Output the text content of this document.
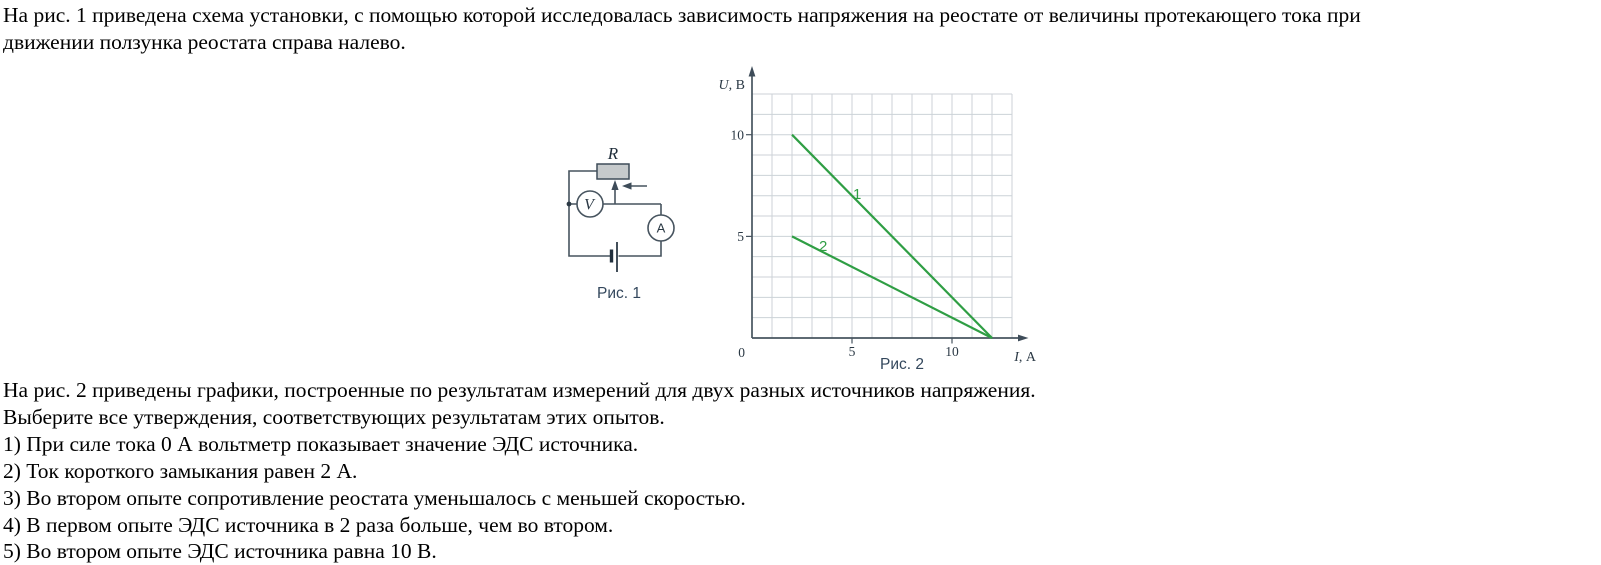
На рис. 1 приведена схема установки, с помощью которой исследовалась зависимость напряжения на реостате от величины протекающего тока при
движении ползунка реостата справа налево.
R
V
A
Рис. 1
0	5	10
5
10
U, В
I, А
1
2
Рис. 2
На рис. 2 приведены графики, построенные по результатам измерений для двух разных источников напряжения.
Выберите все утверждения, соответствующих результатам этих опытов.
1) При силе тока 0 А вольтметр показывает значение ЭДС источника.
2) Ток короткого замыкания равен 2 А.
3) Во втором опыте сопротивление реостата уменьшалось с меньшей скоростью.
4) В первом опыте ЭДС источника в 2 раза больше, чем во втором.
5) Во втором опыте ЭДС источника равна 10 В.
